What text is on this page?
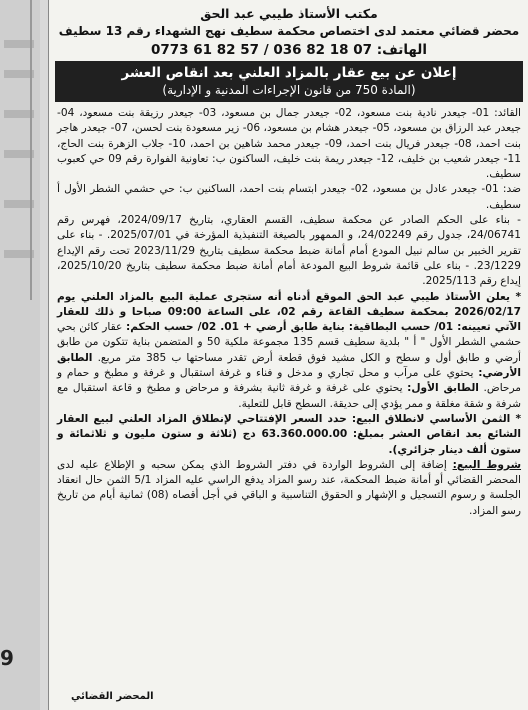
9
مكتب الأستاذ طيبي عبد الحق
محضر قضائي معتمد لدى اختصاص محكمة سطيف نهج الشهداء رقم 13 سطيف
الهاتف: 07 18 82 036 / 57 82 61 0773
إعلان عن بيع عقار بالمزاد العلني بعد انقاص العشر
(المادة 750 من قانون الإجراءات المدنية و الإدارية)

القائد: 01- جيعدر نادية بنت مسعود، 02- جيعدر جمال بن مسعود، 03- جيعدر رزيقة بنت مسعود، 04- جيعدر عبد الرزاق بن مسعود، 05- جيعدر هشام بن مسعود، 06- زير مسعودة بنت لحسن، 07- جيعدر هاجر بنت احمد، 08- جيعدر فريال بنت احمد، 09- جيعدر محمد شاهين بن احمد، 10- جلاب الزهرة بنت الحاج، 11- جيعدر شعيب بن خليف، 12- جيعدر ريمة بنت خليف، الساكنون ب: تعاونية الفوارة رقم 09 حي كعبوب سطيف.

ضد: 01- جيعدر عادل بن مسعود، 02- جيعدر ابتسام بنت احمد، الساكنين ب: حي حشمي الشطر الأول أ سطيف.

- بناء على الحكم الصادر عن محكمة سطيف، القسم العقاري، بتاريخ 2024/09/17، فهرس رقم 24/06741، جدول رقم 24/02249، و الممهور بالصيغة التنفيذية المؤرخة في 2025/07/01. - بناء على تقرير الخبير بن سالم نبيل المودع أمام أمانة ضبط محكمة سطيف بتاريخ 2023/11/29 تحت رقم الإيداع 23/1229. - بناء على قائمة شروط البيع المودعة أمام أمانة ضبط محكمة سطيف بتاريخ 2025/10/20، إيداع رقم 2025/113.

* يعلن الأستاذ طيبي عبد الحق الموقع أدناه أنه ستجرى عملية البيع بالمزاد العلني يوم 2026/02/17 بمحكمة سطيف القاعة رقم 02، على الساعة 09:00 صباحا و ذلك للعقار الآتي تعيينه: 01/ حسب البطاقية: بناية طابق أرضي + 01. 02/ حسب الحكم: عقار كائن بحي حشمي الشطر الأول " أ " بلدية سطيف قسم 135 مجموعة ملكية 50 و المتضمن بناية تتكون من طابق أرضي و طابق أول و سطح و الكل مشيد فوق قطعة أرض تقدر مساحتها ب 385 متر مربع. الطابق الأرضي: يحتوي على مرآب و محل تجاري و مدخل و فناء و غرفة استقبال و غرفة و مطبخ و حمام و مرحاض. الطابق الأول: يحتوي على غرفة و غرفة ثانية بشرفة و مرحاض و مطبخ و قاعة استقبال مع شرفة و شقة مغلقة و ممر يؤدي إلى حديقة. السطح قابل للتعلية.

* الثمن الأساسي لانطلاق البيع: حدد السعر الإفتتاحي لإنطلاق المزاد العلني لبيع العقار الشائع بعد انقاص العشر بمبلغ: 63.360.000.00 دج (ثلاثة و ستون مليون و ثلاثمائة و ستون ألف دينار جزائري).

شروط البيع: إضافة إلى الشروط الواردة في دفتر الشروط الذي يمكن سحبه و الإطلاع عليه لدى المحضر القضائي أو أمانة ضبط المحكمة، عند رسو المزاد يدفع الراسي عليه المزاد 5/1 الثمن حال انعقاد الجلسة و رسوم التسجيل و الإشهار و الحقوق التناسبية و الباقي في أجل أقصاه (08) ثمانية أيام من تاريخ رسو المزاد.

المحضر القضائي
